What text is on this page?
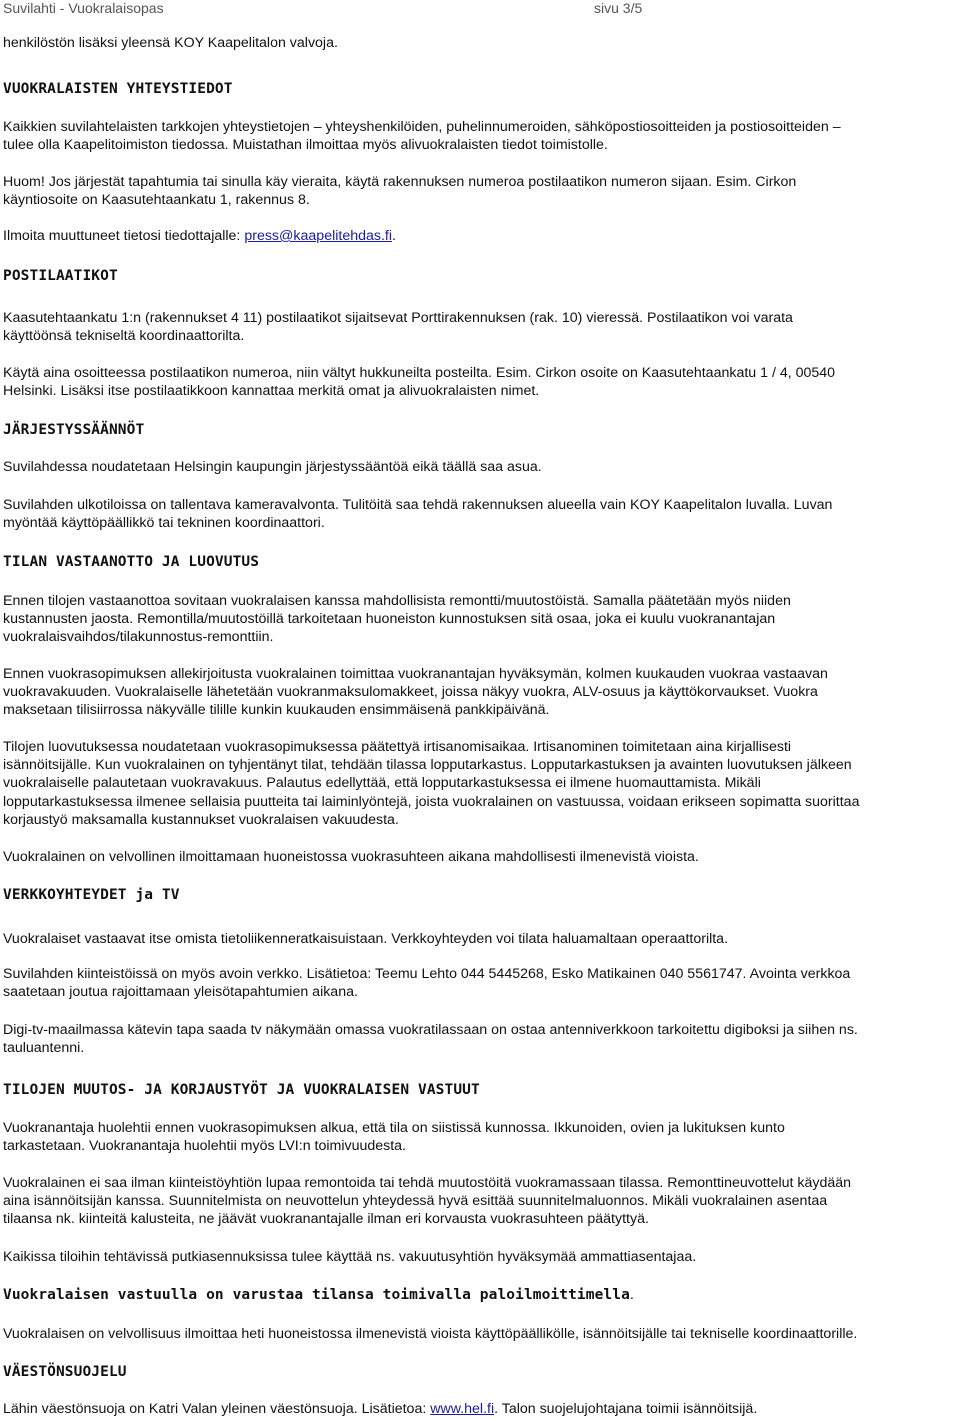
Suvilahti - Vuokralaisopas	sivu 3/5

henkilöstön lisäksi yleensä KOY Kaapelitalon valvoja.

VUOKRALAISTEN YHTEYSTIEDOT

Kaikkien suvilahtelaisten tarkkojen yhteystietojen – yhteyshenkilöiden, puhelinnumeroiden, sähköpostiosoitteiden ja postiosoitteiden –
tulee olla Kaapelitoimiston tiedossa. Muistathan ilmoittaa myös alivuokralaisten tiedot toimistolle.

Huom! Jos järjestät tapahtumia tai sinulla käy vieraita, käytä rakennuksen numeroa postilaatikon numeron sijaan. Esim. Cirkon
käyntiosoite on Kaasutehtaankatu 1, rakennus 8.

Ilmoita muuttuneet tietosi tiedottajalle: press@kaapelitehdas.fi.

POSTILAATIKOT

Kaasutehtaankatu 1:n (rakennukset 4 11) postilaatikot sijaitsevat Porttirakennuksen (rak. 10) vieressä. Postilaatikon voi varata
käyttöönsä tekniseltä koordinaattorilta.

Käytä aina osoitteessa postilaatikon numeroa, niin vältyt hukkuneilta posteilta. Esim. Cirkon osoite on Kaasutehtaankatu 1 / 4, 00540
Helsinki. Lisäksi itse postilaatikkoon kannattaa merkitä omat ja alivuokralaisten nimet.

JÄRJESTYSSÄÄNNÖT

Suvilahdessa noudatetaan Helsingin kaupungin järjestyssääntöä eikä täällä saa asua.

Suvilahden ulkotiloissa on tallentava kameravalvonta. Tulitöitä saa tehdä rakennuksen alueella vain KOY Kaapelitalon luvalla. Luvan
myöntää käyttöpäällikkö tai tekninen koordinaattori.

TILAN VASTAANOTTO JA LUOVUTUS

Ennen tilojen vastaanottoa sovitaan vuokralaisen kanssa mahdollisista remontti/muutostöistä. Samalla päätetään myös niiden
kustannusten jaosta. Remontilla/muutostöillä tarkoitetaan huoneiston kunnostuksen sitä osaa, joka ei kuulu vuokranantajan
vuokralaisvaihdos/tilakunnostus-remonttiin.

Ennen vuokrasopimuksen allekirjoitusta vuokralainen toimittaa vuokranantajan hyväksymän, kolmen kuukauden vuokraa vastaavan
vuokravakuuden. Vuokralaiselle lähetetään vuokranmaksulomakkeet, joissa näkyy vuokra, ALV-osuus ja käyttökorvaukset. Vuokra
maksetaan tilisiirrossa näkyvälle tilille kunkin kuukauden ensimmäisenä pankkipäivänä.

Tilojen luovutuksessa noudatetaan vuokrasopimuksessa päätettyä irtisanomisaikaa. Irtisanominen toimitetaan aina kirjallisesti
isännöitsijälle. Kun vuokralainen on tyhjentänyt tilat, tehdään tilassa lopputarkastus. Lopputarkastuksen ja avainten luovutuksen jälkeen
vuokralaiselle palautetaan vuokravakuus. Palautus edellyttää, että lopputarkastuksessa ei ilmene huomauttamista. Mikäli
lopputarkastuksessa ilmenee sellaisia puutteita tai laiminlyöntejä, joista vuokralainen on vastuussa, voidaan erikseen sopimatta suorittaa
korjaustyö maksamalla kustannukset vuokralaisen vakuudesta.

Vuokralainen on velvollinen ilmoittamaan huoneistossa vuokrasuhteen aikana mahdollisesti ilmenevistä vioista.

VERKKOYHTEYDET ja TV

Vuokralaiset vastaavat itse omista tietoliikenneratkaisuistaan. Verkkoyhteyden voi tilata haluamaltaan operaattorilta.

Suvilahden kiinteistöissä on myös avoin verkko. Lisätietoa: Teemu Lehto 044 5445268, Esko Matikainen 040 5561747. Avointa verkkoa
saatetaan joutua rajoittamaan yleisötapahtumien aikana.

Digi-tv-maailmassa kätevin tapa saada tv näkymään omassa vuokratilassaan on ostaa antenniverkkoon tarkoitettu digiboksi ja siihen ns.
tauluantenni.

TILOJEN MUUTOS- JA KORJAUSTYÖT JA VUOKRALAISEN VASTUUT

Vuokranantaja huolehtii ennen vuokrasopimuksen alkua, että tila on siistissä kunnossa. Ikkunoiden, ovien ja lukituksen kunto
tarkastetaan. Vuokranantaja huolehtii myös LVI:n toimivuudesta.

Vuokralainen ei saa ilman kiinteistöyhtiön lupaa remontoida tai tehdä muutostöitä vuokramassaan tilassa. Remonttineuvottelut käydään
aina isännöitsijän kanssa. Suunnitelmista on neuvottelun yhteydessä hyvä esittää suunnitelmaluonnos. Mikäli vuokralainen asentaa
tilaansa nk. kiinteitä kalusteita, ne jäävät vuokranantajalle ilman eri korvausta vuokrasuhteen päätyttyä.

Kaikissa tiloihin tehtävissä putkiasennuksissa tulee käyttää ns. vakuutusyhtiön hyväksymää ammattiasentajaa.

Vuokralaisen vastuulla on varustaa tilansa toimivalla paloilmoittimella.

Vuokralaisen on velvollisuus ilmoittaa heti huoneistossa ilmenevistä vioista käyttöpäällikölle, isännöitsijälle tai tekniselle koordinaattorille.

VÄESTÖNSUOJELU

Lähin väestönsuoja on Katri Valan yleinen väestönsuoja. Lisätietoa: www.hel.fi. Talon suojelujohtajana toimii isännöitsijä.
